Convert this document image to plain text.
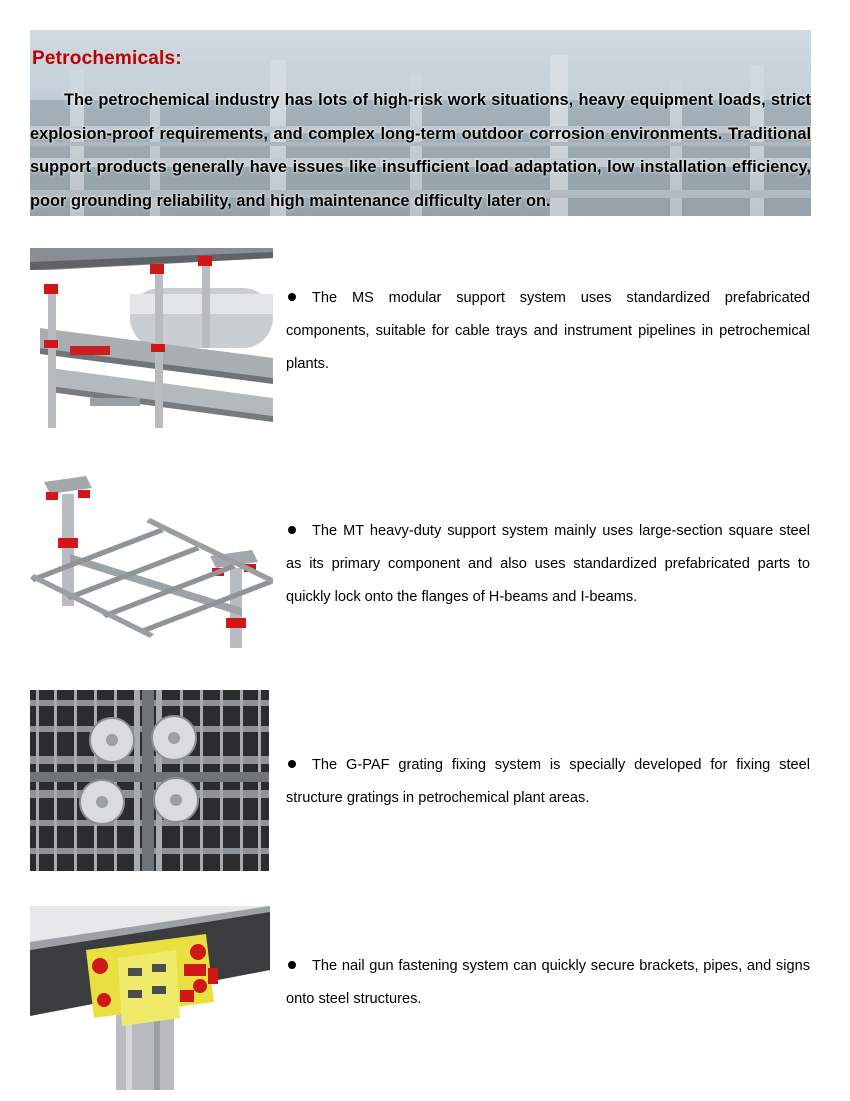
Petrochemicals:

The petrochemical industry has lots of high-risk work situations, heavy equipment loads, strict explosion-proof requirements, and complex long-term outdoor corrosion environments. Traditional support products generally have issues like insufficient load adaptation, low installation efficiency, poor grounding reliability, and high maintenance difficulty later on.

The MS modular support system uses standardized prefabricated components, suitable for cable trays and instrument pipelines in petrochemical plants.

The MT heavy-duty support system mainly uses large-section square steel as its primary component and also uses standardized prefabricated parts to quickly lock onto the flanges of H-beams and I-beams.

The G-PAF grating fixing system is specially developed for fixing steel structure gratings in petrochemical plant areas.

The nail gun fastening system can quickly secure brackets, pipes, and signs onto steel structures.
